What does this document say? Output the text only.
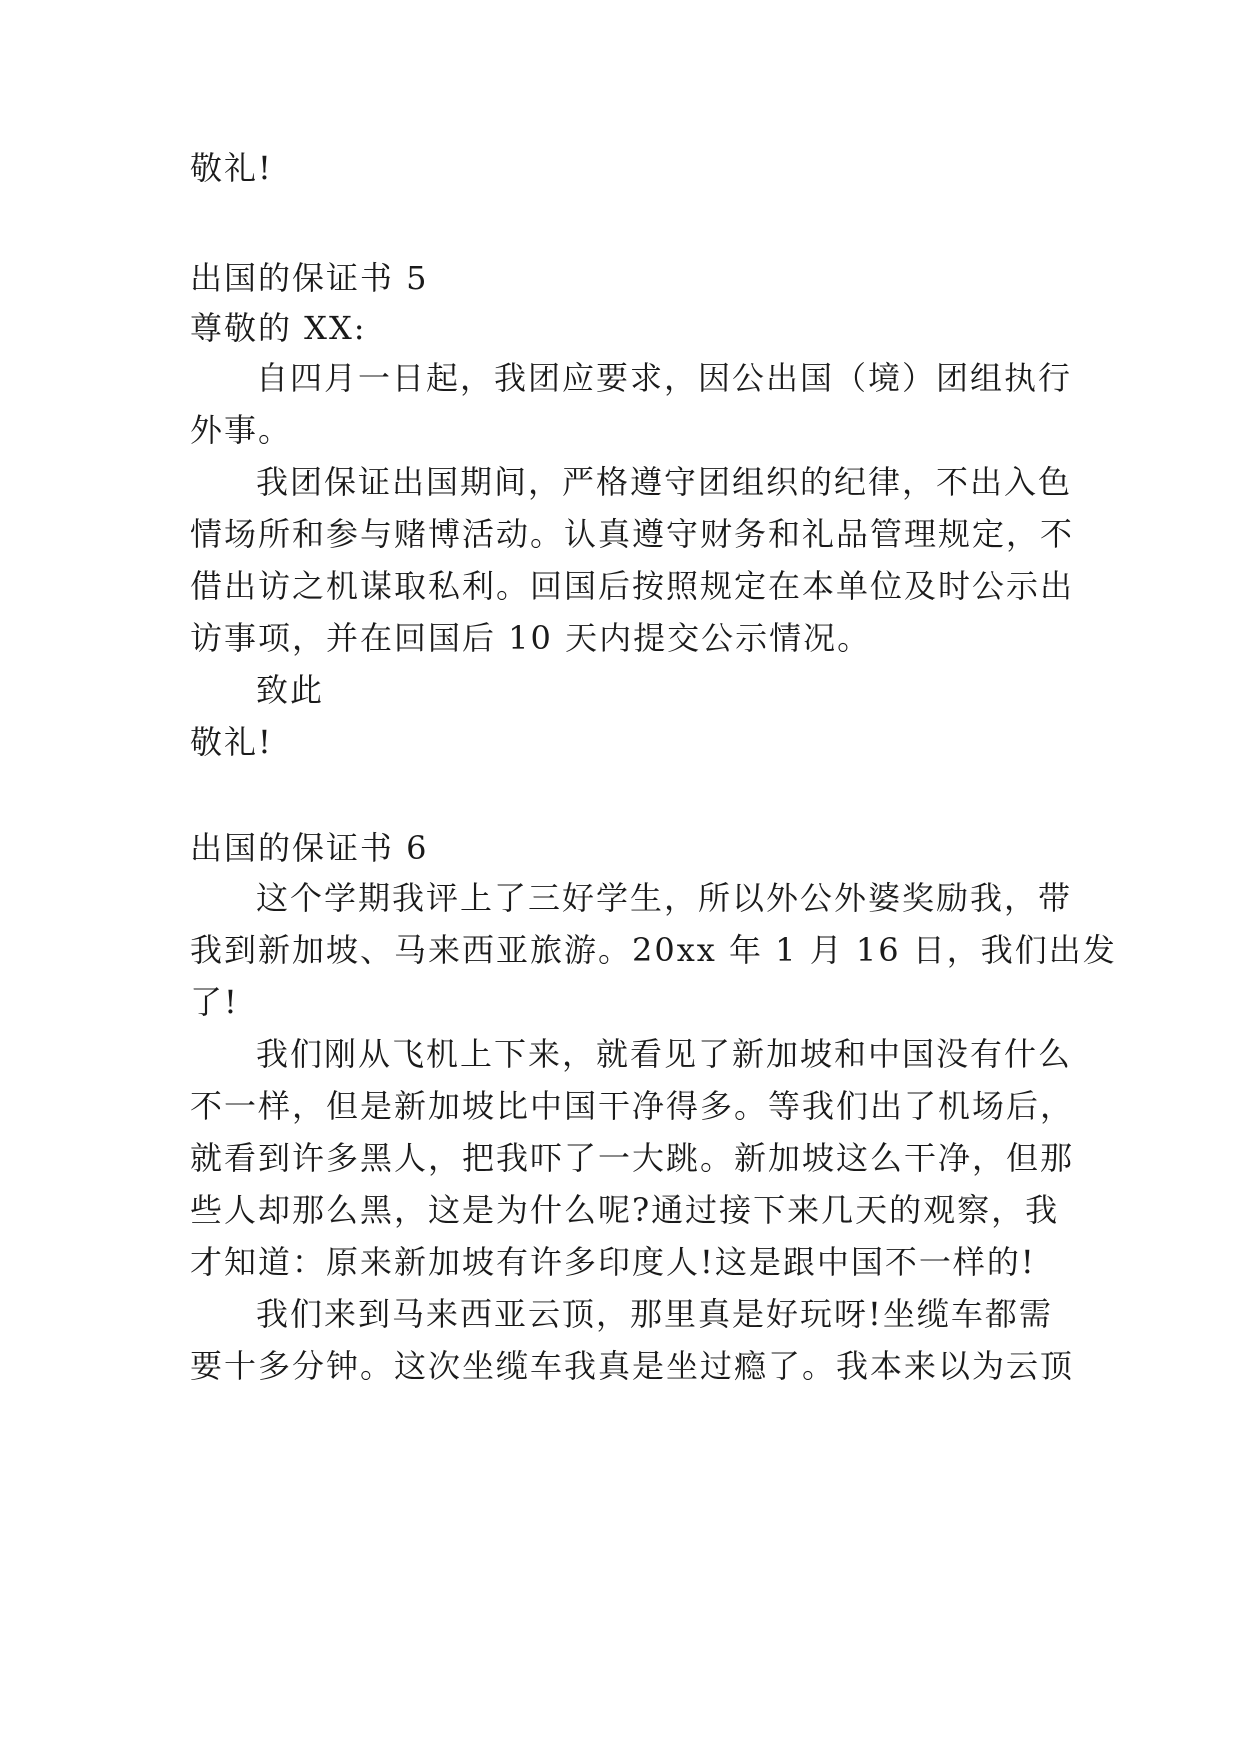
敬礼!
出国的保证书 5
尊敬的 XX:
自四月一日起，我团应要求，因公出国（境）团组执行
外事。
我团保证出国期间，严格遵守团组织的纪律，不出入色
情场所和参与赌博活动。认真遵守财务和礼品管理规定，不
借出访之机谋取私利。回国后按照规定在本单位及时公示出
访事项，并在回国后 10 天内提交公示情况。
致此
敬礼!
出国的保证书 6
这个学期我评上了三好学生，所以外公外婆奖励我，带
我到新加坡、马来西亚旅游。20xx 年 1 月 16 日，我们出发
了!
我们刚从飞机上下来，就看见了新加坡和中国没有什么
不一样，但是新加坡比中国干净得多。等我们出了机场后，
就看到许多黑人，把我吓了一大跳。新加坡这么干净，但那
些人却那么黑，这是为什么呢?通过接下来几天的观察，我
才知道：原来新加坡有许多印度人!这是跟中国不一样的!
我们来到马来西亚云顶，那里真是好玩呀!坐缆车都需
要十多分钟。这次坐缆车我真是坐过瘾了。我本来以为云顶
